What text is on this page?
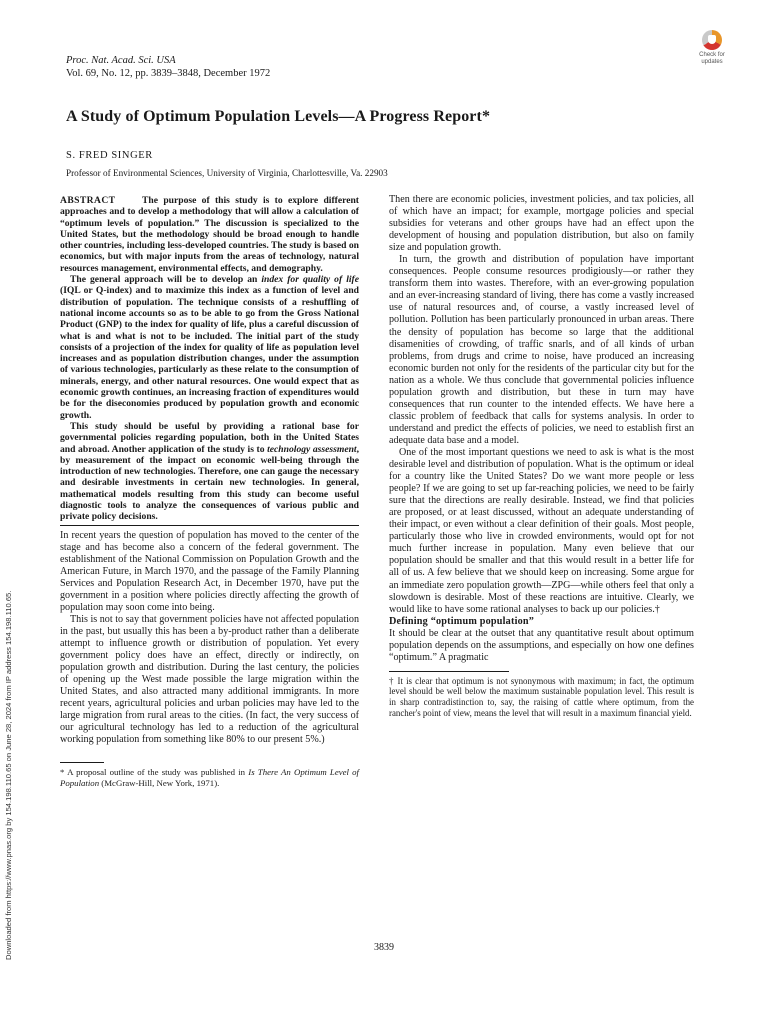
Proc. Nat. Acad. Sci. USA
Vol. 69, No. 12, pp. 3839–3848, December 1972
Check for
updates
A Study of Optimum Population Levels—A Progress Report*
S. FRED SINGER
Professor of Environmental Sciences, University of Virginia, Charlottesville, Va. 22903

ABSTRACT	The purpose of this study is to explore different approaches and to develop a methodology that will allow a calculation of “optimum levels of population.” The discussion is specialized to the United States, but the methodology should be broad enough to handle other countries, including less-developed countries. The study is based on economics, but with major inputs from the areas of technology, natural resources management, environmental effects, and demography.

The general approach will be to develop an index for quality of life (IQL or Q-index) and to maximize this index as a function of level and distribution of population. The technique consists of a reshuffling of national income accounts so as to be able to go from the Gross National Product (GNP) to the index for quality of life, plus a careful discussion of what is and what is not to be included. The initial part of the study consists of a projection of the index for quality of life as population level increases and as population distribution changes, under the assumption of various technologies, particularly as these relate to the consumption of minerals, energy, and other natural resources. One would expect that as economic growth continues, an increasing fraction of expenditures would be for the diseconomies produced by population growth and economic growth.

This study should be useful by providing a rational base for governmental policies regarding population, both in the United States and abroad. Another application of the study is to technology assessment, by measurement of the impact on economic well-being through the introduction of new technologies. Therefore, one can gauge the necessary and desirable investments in certain new technologies. In general, mathematical models resulting from this study can become useful diagnostic tools to analyze the consequences of various public and private policy decisions.

In recent years the question of population has moved to the center of the stage and has become also a concern of the federal government. The establishment of the National Commission on Population Growth and the American Future, in March 1970, and the passage of the Family Planning Services and Population Research Act, in December 1970, have put the government in a position where policies directly affecting the growth of population may soon come into being.

This is not to say that government policies have not affected population in the past, but usually this has been a by-product rather than a deliberate attempt to influence growth or distribution of population. Yet every government policy does have an effect, directly or indirectly, on population growth and distribution. During the last century, the policies of opening up the West made possible the large migration within the United States, and also attracted many additional immigrants. In more recent years, agricultural policies and urban policies may have led to the large migration from rural areas to the cities. (In fact, the very success of our agricultural technology has led to a reduction of the agricultural working population from something like 80% to our present 5%.)

* A proposal outline of the study was published in Is There An Optimum Level of Population (McGraw-Hill, New York, 1971).

Then there are economic policies, investment policies, and tax policies, all of which have an impact; for example, mortgage policies and special subsidies for veterans and other groups have had an effect upon the development of housing and population distribution, but also on family size and population growth.

In turn, the growth and distribution of population have important consequences. People consume resources prodigiously—or rather they transform them into wastes. Therefore, with an ever-growing population and an ever-increasing standard of living, there has come a vastly increased use of natural resources and, of course, a vastly increased level of pollution. Pollution has been particularly pronounced in urban areas. There the density of population has become so large that the additional disamenities of crowding, of traffic snarls, and of all kinds of urban problems, from drugs and crime to noise, have produced an increasing economic burden not only for the residents of the particular city but for the nation as a whole. We thus conclude that governmental policies influence population growth and distribution, but these in turn may have consequences that run counter to the intended effects. We have here a classic problem of feedback that calls for systems analysis. In order to understand and predict the effects of policies, we need to establish first an adequate data base and a model.

One of the most important questions we need to ask is what is the most desirable level and distribution of population. What is the optimum or ideal for a country like the United States? Do we want more people or less people? If we are going to set up far-reaching policies, we need to be fairly sure that the directions are really desirable. Instead, we find that policies are proposed, or at least discussed, without an adequate understanding of their impact, or even without a clear definition of their goals. Most people, particularly those who live in crowded environments, would opt for not much further increase in population. Many even believe that our population should be smaller and that this would result in a better life for all of us. A few believe that we should keep on increasing. Some argue for an immediate zero population growth—ZPG—while others feel that only a slowdown is desirable. Most of these reactions are intuitive. Clearly, we would like to have some rational analyses to back up our policies.†

Defining “optimum population”

It should be clear at the outset that any quantitative result about optimum population depends on the assumptions, and especially on how one defines “optimum.” A pragmatic

† It is clear that optimum is not synonymous with maximum; in fact, the optimum level should be well below the maximum sustainable population level. This result is in sharp contradistinction to, say, the raising of cattle where optimum, from the rancher's point of view, means the level that will result in a maximum financial yield.

3839
Downloaded from https://www.pnas.org by 154.198.110.65 on June 28, 2024 from IP address 154.198.110.65.
